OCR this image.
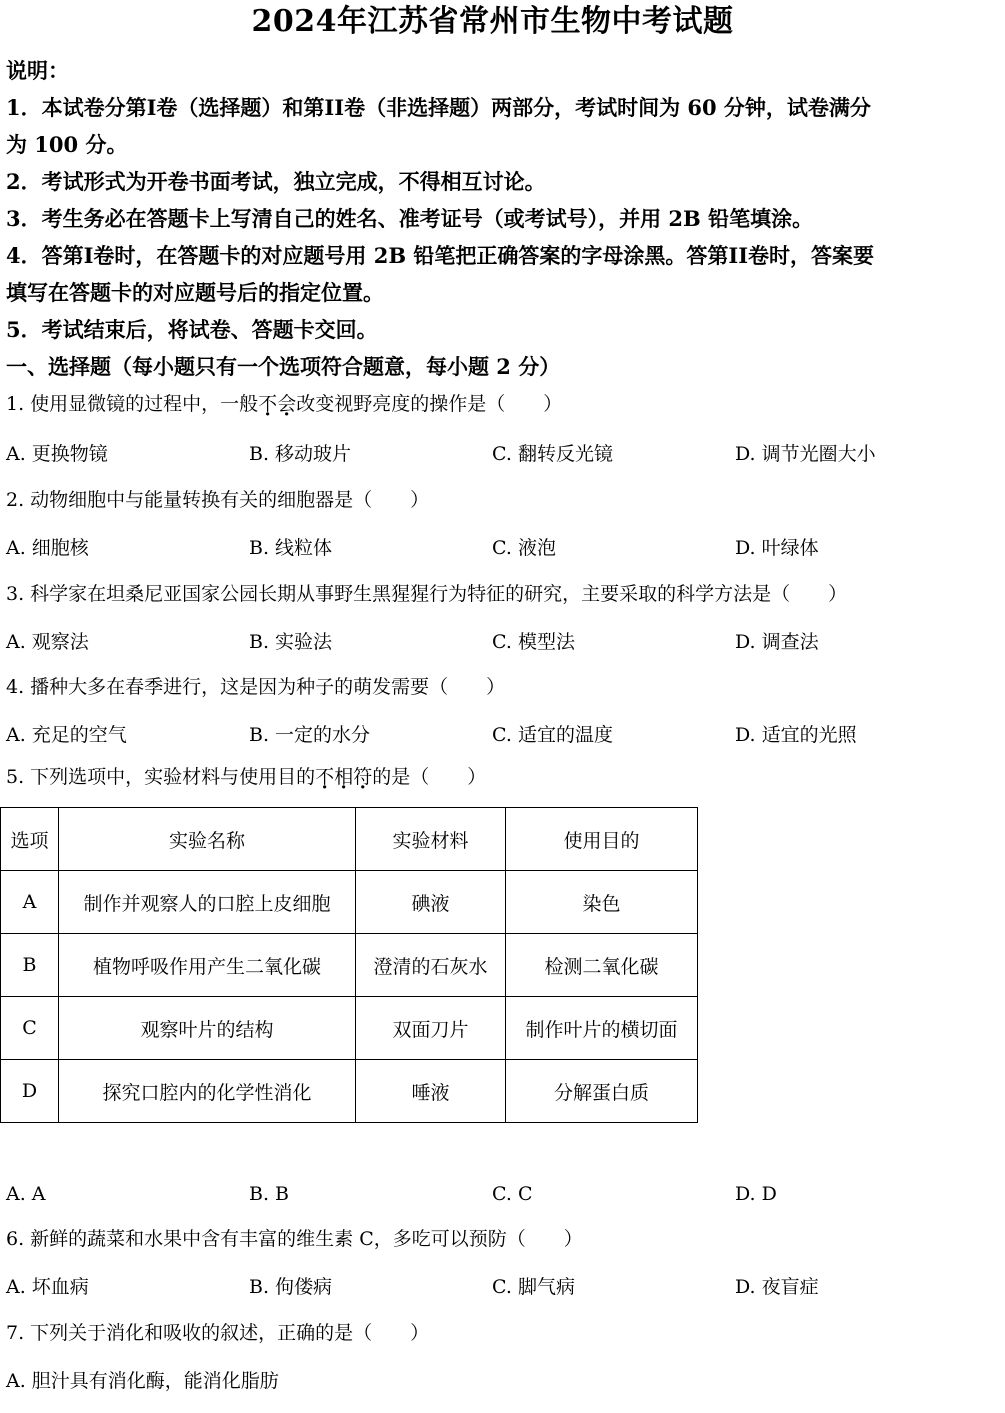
2024年江苏省常州市生物中考试题
说明：
1．本试卷分第I卷（选择题）和第II卷（非选择题）两部分，考试时间为 60 分钟，试卷满分
为 100 分。
2．考试形式为开卷书面考试，独立完成，不得相互讨论。
3．考生务必在答题卡上写清自己的姓名、准考证号（或考试号），并用 2B 铅笔填涂。
4．答第I卷时，在答题卡的对应题号用 2B 铅笔把正确答案的字母涂黑。答第II卷时，答案要
填写在答题卡的对应题号后的指定位置。
5．考试结束后，将试卷、答题卡交回。
一、选择题（每小题只有一个选项符合题意，每小题 2 分）
1. 使用显微镜的过程中，一般不会改变视野亮度的操作是（　　）
A. 更换物镜	B. 移动玻片	C. 翻转反光镜	D. 调节光圈大小
2. 动物细胞中与能量转换有关的细胞器是（　　）
A. 细胞核	B. 线粒体	C. 液泡	D. 叶绿体
3. 科学家在坦桑尼亚国家公园长期从事野生黑猩猩行为特征的研究，主要采取的科学方法是（　　）
A. 观察法	B. 实验法	C. 模型法	D. 调查法
4. 播种大多在春季进行，这是因为种子的萌发需要（　　）
A. 充足的空气	B. 一定的水分	C. 适宜的温度	D. 适宜的光照
5. 下列选项中，实验材料与使用目的不相符的是（　　）
选项	实验名称	实验材料	使用目的
A	制作并观察人的口腔上皮细胞	碘液	染色
B	植物呼吸作用产生二氧化碳	澄清的石灰水	检测二氧化碳
C	观察叶片的结构	双面刀片	制作叶片的横切面
D	探究口腔内的化学性消化	唾液	分解蛋白质
A. A	B. B	C. C	D. D
6. 新鲜的蔬菜和水果中含有丰富的维生素 C，多吃可以预防（　　）
A. 坏血病	B. 佝偻病	C. 脚气病	D. 夜盲症
7. 下列关于消化和吸收的叙述，正确的是（　　）
A. 胆汁具有消化酶，能消化脂肪
